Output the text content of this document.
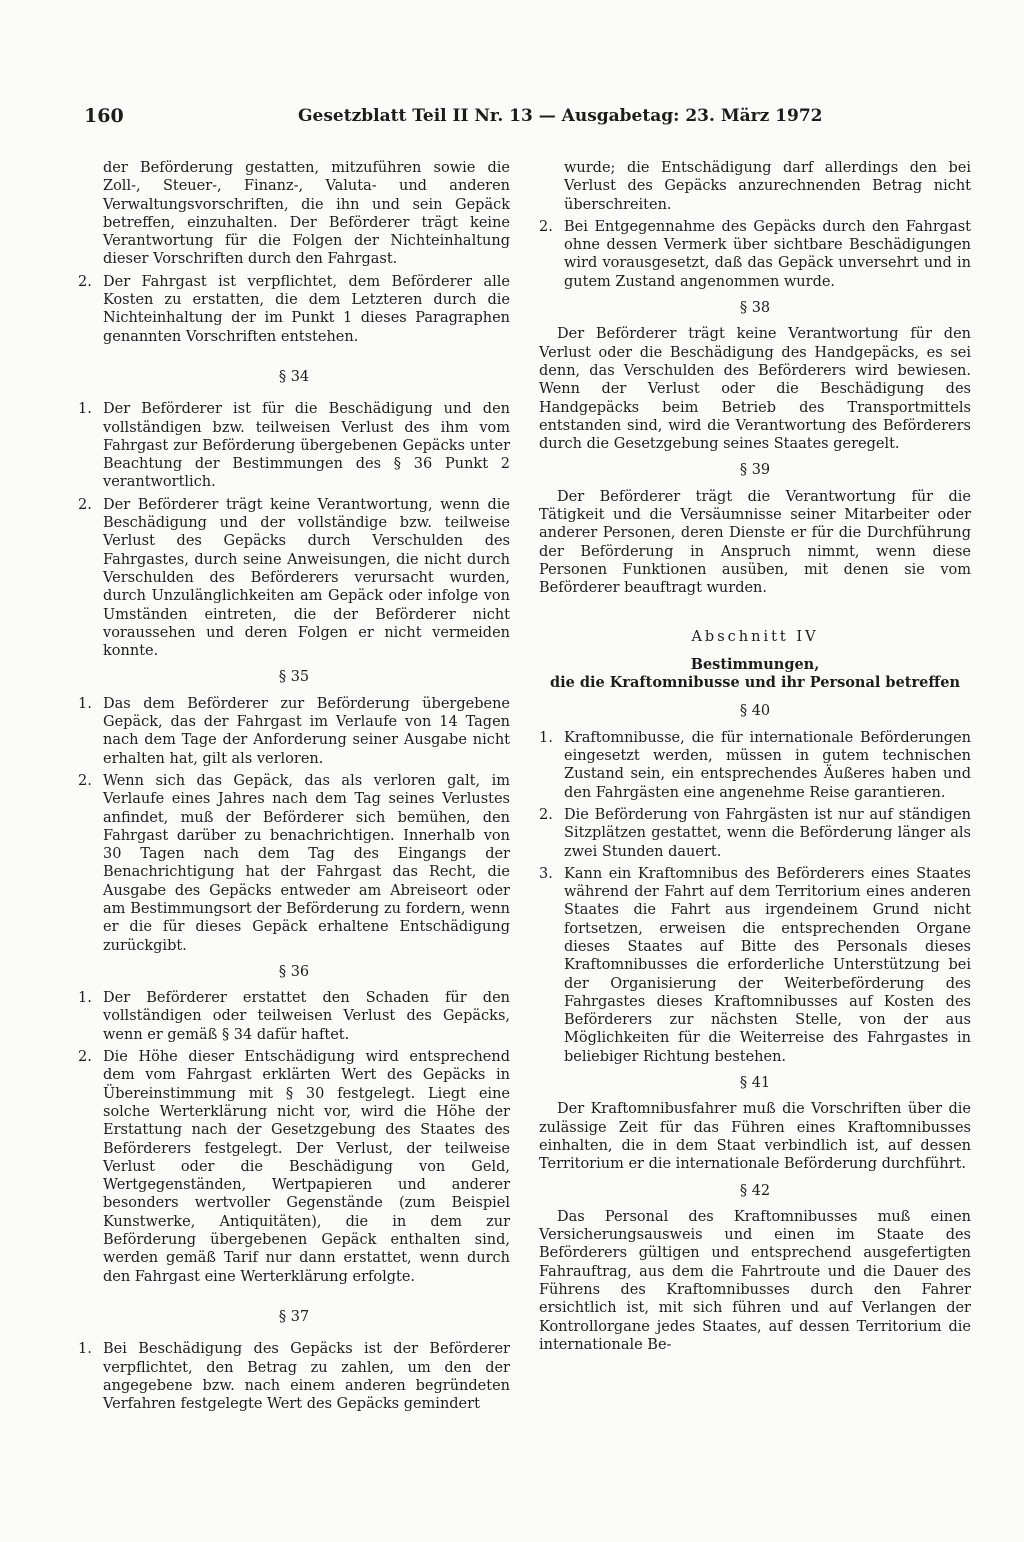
160	Gesetzblatt Teil II Nr. 13 — Ausgabetag: 23. März 1972

der Beförderung gestatten, mitzuführen sowie die Zoll-, Steuer-, Finanz-, Valuta- und anderen Verwaltungsvorschriften, die ihn und sein Gepäck betreffen, einzuhalten. Der Beförderer trägt keine Verantwortung für die Folgen der Nichteinhaltung dieser Vorschriften durch den Fahrgast.

2. Der Fahrgast ist verpflichtet, dem Beförderer alle Kosten zu erstatten, die dem Letzteren durch die Nichteinhaltung der im Punkt 1 dieses Paragraphen genannten Vorschriften entstehen.

§ 34

1. Der Beförderer ist für die Beschädigung und den vollständigen bzw. teilweisen Verlust des ihm vom Fahrgast zur Beförderung übergebenen Gepäcks unter Beachtung der Bestimmungen des § 36 Punkt 2 verantwortlich.

2. Der Beförderer trägt keine Verantwortung, wenn die Beschädigung und der vollständige bzw. teilweise Verlust des Gepäcks durch Verschulden des Fahrgastes, durch seine Anweisungen, die nicht durch Verschulden des Beförderers verursacht wurden, durch Unzulänglichkeiten am Gepäck oder infolge von Umständen eintreten, die der Beförderer nicht voraussehen und deren Folgen er nicht vermeiden konnte.

§ 35

1. Das dem Beförderer zur Beförderung übergebene Gepäck, das der Fahrgast im Verlaufe von 14 Tagen nach dem Tage der Anforderung seiner Ausgabe nicht erhalten hat, gilt als verloren.

2. Wenn sich das Gepäck, das als verloren galt, im Verlaufe eines Jahres nach dem Tag seines Verlustes anfindet, muß der Beförderer sich bemühen, den Fahrgast darüber zu benachrichtigen. Innerhalb von 30 Tagen nach dem Tag des Eingangs der Benachrichtigung hat der Fahrgast das Recht, die Ausgabe des Gepäcks entweder am Abreiseort oder am Bestimmungsort der Beförderung zu fordern, wenn er die für dieses Gepäck erhaltene Entschädigung zurückgibt.

§ 36

1. Der Beförderer erstattet den Schaden für den vollständigen oder teilweisen Verlust des Gepäcks, wenn er gemäß § 34 dafür haftet.

2. Die Höhe dieser Entschädigung wird entsprechend dem vom Fahrgast erklärten Wert des Gepäcks in Übereinstimmung mit § 30 festgelegt. Liegt eine solche Werterklärung nicht vor, wird die Höhe der Erstattung nach der Gesetzgebung des Staates des Beförderers festgelegt. Der Verlust, der teilweise Verlust oder die Beschädigung von Geld, Wertgegenständen, Wertpapieren und anderer besonders wertvoller Gegenstände (zum Beispiel Kunstwerke, Antiquitäten), die in dem zur Beförderung übergebenen Gepäck enthalten sind, werden gemäß Tarif nur dann erstattet, wenn durch den Fahrgast eine Werterklärung erfolgte.

§ 37

1. Bei Beschädigung des Gepäcks ist der Beförderer verpflichtet, den Betrag zu zahlen, um den der angegebene bzw. nach einem anderen begründeten Verfahren festgelegte Wert des Gepäcks gemindert

wurde; die Entschädigung darf allerdings den bei Verlust des Gepäcks anzurechnenden Betrag nicht überschreiten.

2. Bei Entgegennahme des Gepäcks durch den Fahrgast ohne dessen Vermerk über sichtbare Beschädigungen wird vorausgesetzt, daß das Gepäck unversehrt und in gutem Zustand angenommen wurde.

§ 38

Der Beförderer trägt keine Verantwortung für den Verlust oder die Beschädigung des Handgepäcks, es sei denn, das Verschulden des Beförderers wird bewiesen. Wenn der Verlust oder die Beschädigung des Handgepäcks beim Betrieb des Transportmittels entstanden sind, wird die Verantwortung des Beförderers durch die Gesetzgebung seines Staates geregelt.

§ 39

Der Beförderer trägt die Verantwortung für die Tätigkeit und die Versäumnisse seiner Mitarbeiter oder anderer Personen, deren Dienste er für die Durchführung der Beförderung in Anspruch nimmt, wenn diese Personen Funktionen ausüben, mit denen sie vom Beförderer beauftragt wurden.

Abschnitt IV

Bestimmungen,
die die Kraftomnibusse und ihr Personal betreffen

§ 40

1. Kraftomnibusse, die für internationale Beförderungen eingesetzt werden, müssen in gutem technischen Zustand sein, ein entsprechendes Äußeres haben und den Fahrgästen eine angenehme Reise garantieren.

2. Die Beförderung von Fahrgästen ist nur auf ständigen Sitzplätzen gestattet, wenn die Beförderung länger als zwei Stunden dauert.

3. Kann ein Kraftomnibus des Beförderers eines Staates während der Fahrt auf dem Territorium eines anderen Staates die Fahrt aus irgendeinem Grund nicht fortsetzen, erweisen die entsprechenden Organe dieses Staates auf Bitte des Personals dieses Kraftomnibusses die erforderliche Unterstützung bei der Organisierung der Weiterbeförderung des Fahrgastes dieses Kraftomnibusses auf Kosten des Beförderers zur nächsten Stelle, von der aus Möglichkeiten für die Weiterreise des Fahrgastes in beliebiger Richtung bestehen.

§ 41

Der Kraftomnibusfahrer muß die Vorschriften über die zulässige Zeit für das Führen eines Kraftomnibusses einhalten, die in dem Staat verbindlich ist, auf dessen Territorium er die internationale Beförderung durchführt.

§ 42

Das Personal des Kraftomnibusses muß einen Versicherungsausweis und einen im Staate des Beförderers gültigen und entsprechend ausgefertigten Fahrauftrag, aus dem die Fahrtroute und die Dauer des Führens des Kraftomnibusses durch den Fahrer ersichtlich ist, mit sich führen und auf Verlangen der Kontrollorgane jedes Staates, auf dessen Territorium die internationale Be-
